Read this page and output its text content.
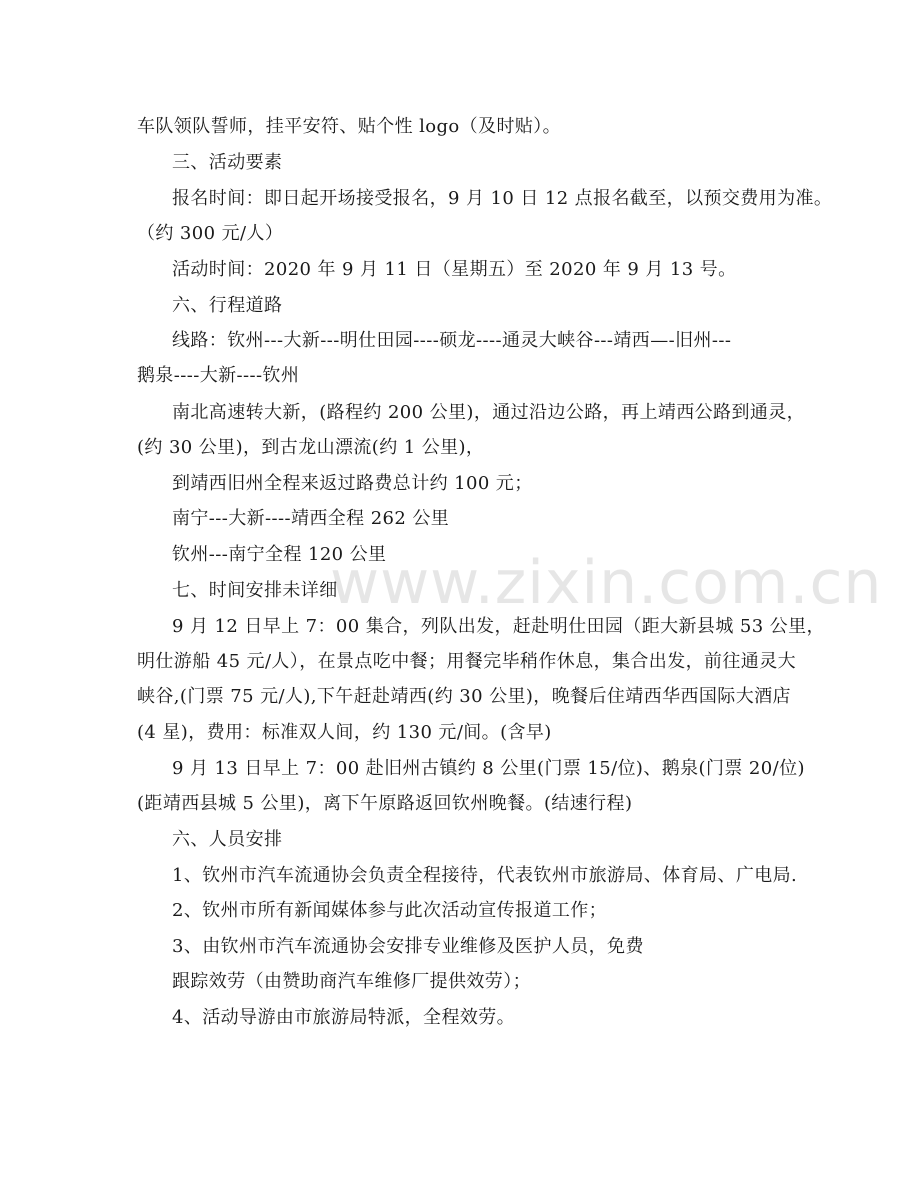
www.zixin.com.cn
车队领队誓师，挂平安符、贴个性 logo（及时贴）。
三、活动要素
报名时间：即日起开场接受报名，9 月 10 日 12 点报名截至，以预交费用为准。
（约 300 元/人）
活动时间：2020 年 9 月 11 日（星期五）至 2020 年 9 月 13 号。
六、行程道路
线路：钦州---大新---明仕田园----硕龙----通灵大峡谷---靖西—-旧州---
鹅泉----大新----钦州
南北高速转大新，(路程约 200 公里)，通过沿边公路，再上靖西公路到通灵，
(约 30 公里)，到古龙山漂流(约 1 公里)，
到靖西旧州全程来返过路费总计约 100 元；
南宁---大新----靖西全程 262 公里
钦州---南宁全程 120 公里
七、时间安排未详细
9 月 12 日早上 7：00 集合，列队出发，赶赴明仕田园（距大新县城 53 公里，
明仕游船 45 元/人），在景点吃中餐；用餐完毕稍作休息，集合出发，前往通灵大
峡谷,(门票 75 元/人),下午赶赴靖西(约 30 公里)，晚餐后住靖西华西国际大酒店
(4 星)，费用：标准双人间，约 130 元/间。(含早)
9 月 13 日早上 7：00 赴旧州古镇约 8 公里(门票 15/位)、鹅泉(门票 20/位)
(距靖西县城 5 公里)，离下午原路返回钦州晚餐。(结速行程)
六、人员安排
1、钦州市汽车流通协会负责全程接待，代表钦州市旅游局、体育局、广电局.
2、钦州市所有新闻媒体参与此次活动宣传报道工作；
3、由钦州市汽车流通协会安排专业维修及医护人员，免费
跟踪效劳（由赞助商汽车维修厂提供效劳）；
4、活动导游由市旅游局特派，全程效劳。
